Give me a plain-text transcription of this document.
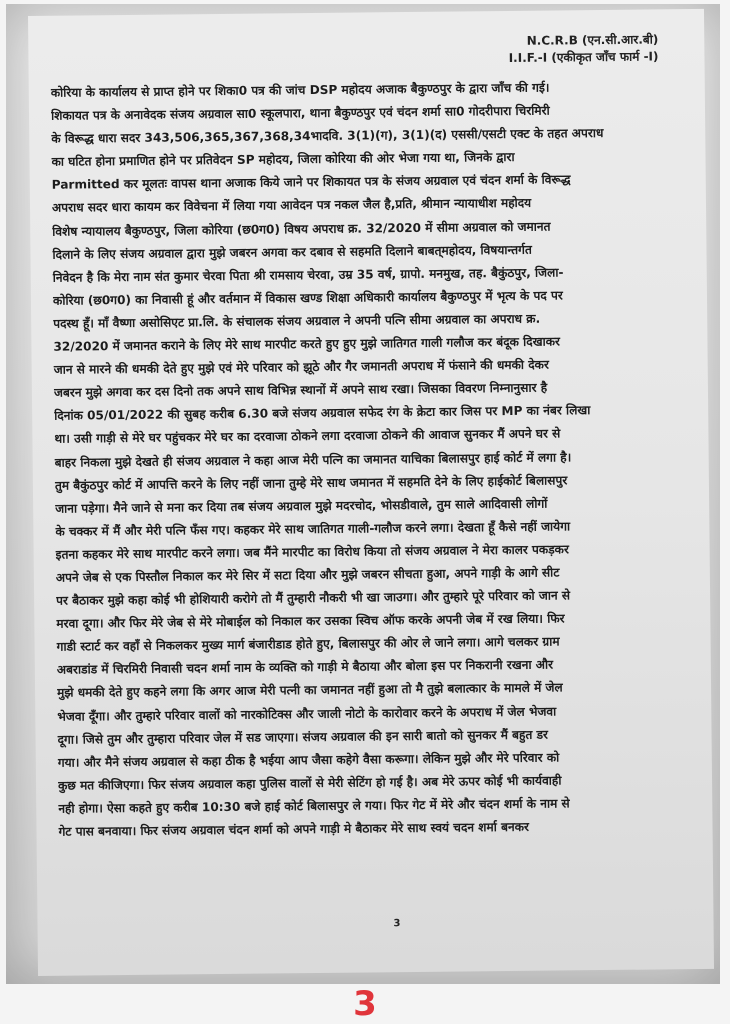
N.C.R.B (एन.सी.आर.बी)
I.I.F.-I (एकीकृत जाँच फार्म -I)
कोरिया के कार्यालय से प्राप्त होने पर शिका0 पत्र की जांच DSP महोदय अजाक बैकुण्ठपुर के द्वारा जाँच की गई।
शिकायत पत्र के अनावेदक संजय अग्रवाल सा0 स्कूलपारा, थाना बैकुण्ठपुर एवं चंदन शर्मा सा0 गोदरीपारा चिरमिरी
के विरूद्ध धारा सदर 343,506,365,367,368,34भादवि. 3(1)(ग), 3(1)(द) एससी/एसटी एक्ट के तहत अपराध
का घटित होना प्रमाणित होने पर प्रतिवेदन SP महोदय, जिला कोरिया की ओर भेजा गया था, जिनके द्वारा
Parmitted कर मूलतः वापस थाना अजाक किये जाने पर शिकायत पत्र के संजय अग्रवाल एवं चंदन शर्मा के विरूद्ध
अपराध सदर धारा कायम कर विवेचना में लिया गया आवेदन पत्र नकल जैल है,प्रति, श्रीमान न्यायाधीश महोदय
विशेष न्यायालय बैकुण्ठपुर, जिला कोरिया (छ0ग0) विषय अपराध क्र. 32/2020 में सीमा अग्रवाल को जमानत
दिलाने के लिए संजय अग्रवाल द्वारा मुझे जबरन अगवा कर दबाव से सहमति दिलाने बाबत्‌महोदय, विषयान्तर्गत
निवेदन है कि मेरा नाम संत कुमार चेरवा पिता श्री रामसाय चेरवा, उम्र 35 वर्ष, ग्रापो. मनमुख, तह. बैकुंठपुर, जिला-
कोरिया (छ0ग0) का निवासी हूं और वर्तमान में विकास खण्ड शिक्षा अधिकारी कार्यालय बैकुण्ठपुर में भृत्य के पद पर
पदस्थ हूँ। माँ वैष्णा असोसिएट प्रा.लि. के संचालक संजय अग्रवाल ने अपनी पत्नि सीमा अग्रवाल का अपराध क्र.
32/2020 में जमानत कराने के लिए मेरे साथ मारपीट करते हुए हुए मुझे जातिगत गाली गलौज कर बंदूक दिखाकर
जान से मारने की धमकी देते हुए मुझे एवं मेरे परिवार को झूठे और गैर जमानती अपराध में फंसाने की धमकी देकर
जबरन मुझे अगवा कर दस दिनो तक अपने साथ विभिन्न स्थानों में अपने साथ रखा। जिसका विवरण निम्नानुसार है
दिनांक 05/01/2022 की सुबह करीब 6.30 बजे संजय अग्रवाल सफेद रंग के क्रेटा कार जिस पर MP का नंबर लिखा
था। उसी गाड़ी से मेरे घर पहुंचकर मेरे घर का दरवाजा ठोकने लगा दरवाजा ठोकने की आवाज सुनकर मैं अपने घर से
बाहर निकला मुझे देखते ही संजय अग्रवाल ने कहा आज मेरी पत्नि का जमानत याचिका बिलासपुर हाई कोर्ट में लगा है।
तुम बैकुंठपुर कोर्ट में आपत्ति करने के लिए नहीं जाना तुम्हे मेरे साथ जमानत में सहमति देने के लिए हाईकोर्ट बिलासपुर
जाना पड़ेगा। मैने जाने से मना कर दिया तब संजय अग्रवाल मुझे मदरचोद, भोसडीवाले, तुम साले आदिवासी लोगों
के चक्कर में मैं और मेरी पत्नि फँस गए। कहकर मेरे साथ जातिगत गाली-गलौज करने लगा। देखता हूँ कैसे नहीं जायेगा
इतना कहकर मेरे साथ मारपीट करने लगा। जब मैंने मारपीट का विरोध किया तो संजय अग्रवाल ने मेरा कालर पकड़कर
अपने जेब से एक पिस्तौल निकाल कर मेरे सिर में सटा दिया और मुझे जबरन सीचता हुआ, अपने गाड़ी के आगे सीट
पर बैठाकर मुझे कहा कोई भी होशियारी करोगे तो मैं तुम्हारी नौकरी भी खा जाउगा। और तुम्हारे पूरे परिवार को जान से
मरवा दूगा। और फिर मेरे जेब से मेरे मोबाईल को निकाल कर उसका स्विच ऑफ करके अपनी जेब में रख लिया। फिर
गाडी स्टार्ट कर वहाँ से निकलकर मुख्य मार्ग बंजारीडाड होते हुए, बिलासपुर की ओर ले जाने लगा। आगे चलकर ग्राम
अबराडांड में चिरमिरी निवासी चदन शर्मा नाम के व्यक्ति को गाड़ी मे बैठाया और बोला इस पर निकरानी रखना और
मुझे धमकी देते हुए कहने लगा कि अगर आज मेरी पत्नी का जमानत नहीं हुआ तो मै तुझे बलात्कार के मामले में जेल
भेजवा दूँगा। और तुम्हारे परिवार वालों को नारकोटिक्स और जाली नोटो के कारोवार करने के अपराध में जेल भेजवा
दूगा। जिसे तुम और तुम्हारा परिवार जेल में सड जाएगा। संजय अग्रवाल की इन सारी बातो को सुनकर मैं बहुत डर
गया। और मैने संजय अग्रवाल से कहा ठीक है भईया आप जैसा कहेगे वैसा करूगा। लेकिन मुझे और मेरे परिवार को
कुछ मत कीजिएगा। फिर संजय अग्रवाल कहा पुलिस वालों से मेरी सेटिंग हो गई है। अब मेरे ऊपर कोई भी कार्यवाही
नही होगा। ऐसा कहते हुए करीब 10:30 बजे हाई कोर्ट बिलासपुर ले गया। फिर गेट में मेरे और चंदन शर्मा के नाम से
गेट पास बनवाया। फिर संजय अग्रवाल चंदन शर्मा को अपने गाड़ी मे बैठाकर मेरे साथ स्वयं चदन शर्मा बनकर
3
3
